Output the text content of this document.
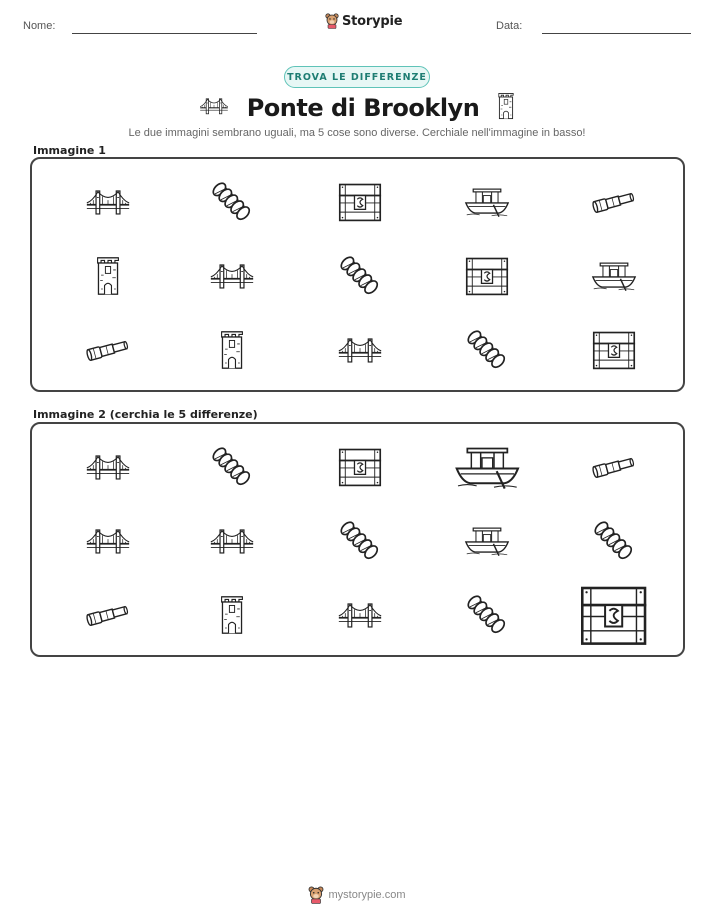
Nome:	Storypie	Data:
TROVA LE DIFFERENZE
Ponte di Brooklyn
Le due immagini sembrano uguali, ma 5 cose sono diverse. Cerchiale nell'immagine in basso!
Immagine 1
Immagine 2 (cerchia le 5 differenze)
mystorypie.com
